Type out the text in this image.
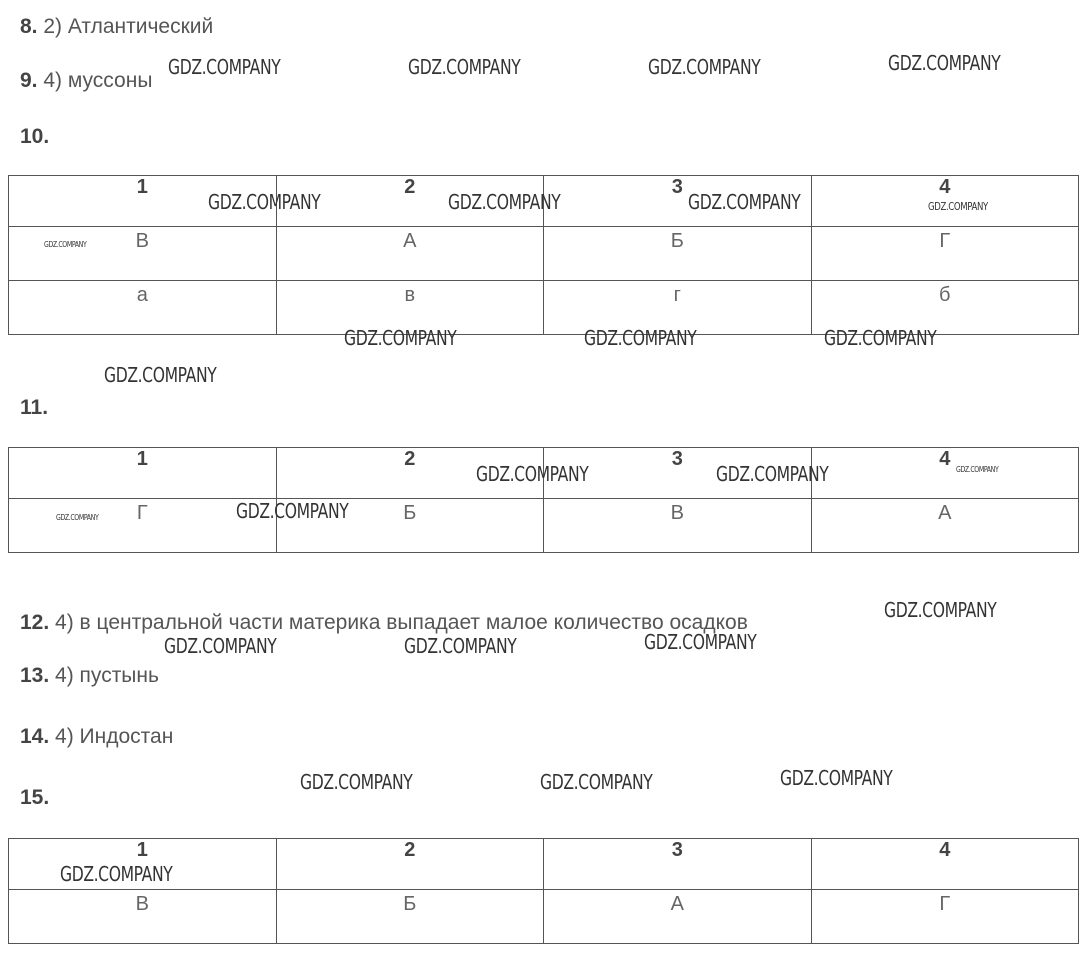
8. 2) Атлантический
9. 4) муссоны
10.
1	2	3	4
В	А	Б	Г
а	в	г	б
11.
1	2	3	4
Г	Б	В	А
12. 4) в центральной части материка выпадает малое количество осадков
13. 4) пустынь
14. 4) Индостан
15.
1	2	3	4
В	Б	А	Г
GDZ.COMPANY	GDZ.COMPANY	GDZ.COMPANY	GDZ.COMPANY
GDZ.COMPANY	GDZ.COMPANY	GDZ.COMPANY	GDZ.COMPANY
GDZ.COMPANY
GDZ.COMPANY	GDZ.COMPANY	GDZ.COMPANY
GDZ.COMPANY
GDZ.COMPANY	GDZ.COMPANY	GDZ.COMPANY
GDZ.COMPANY
GDZ.COMPANY
GDZ.COMPANY
GDZ.COMPANY	GDZ.COMPANY	GDZ.COMPANY
GDZ.COMPANY	GDZ.COMPANY	GDZ.COMPANY
GDZ.COMPANY
